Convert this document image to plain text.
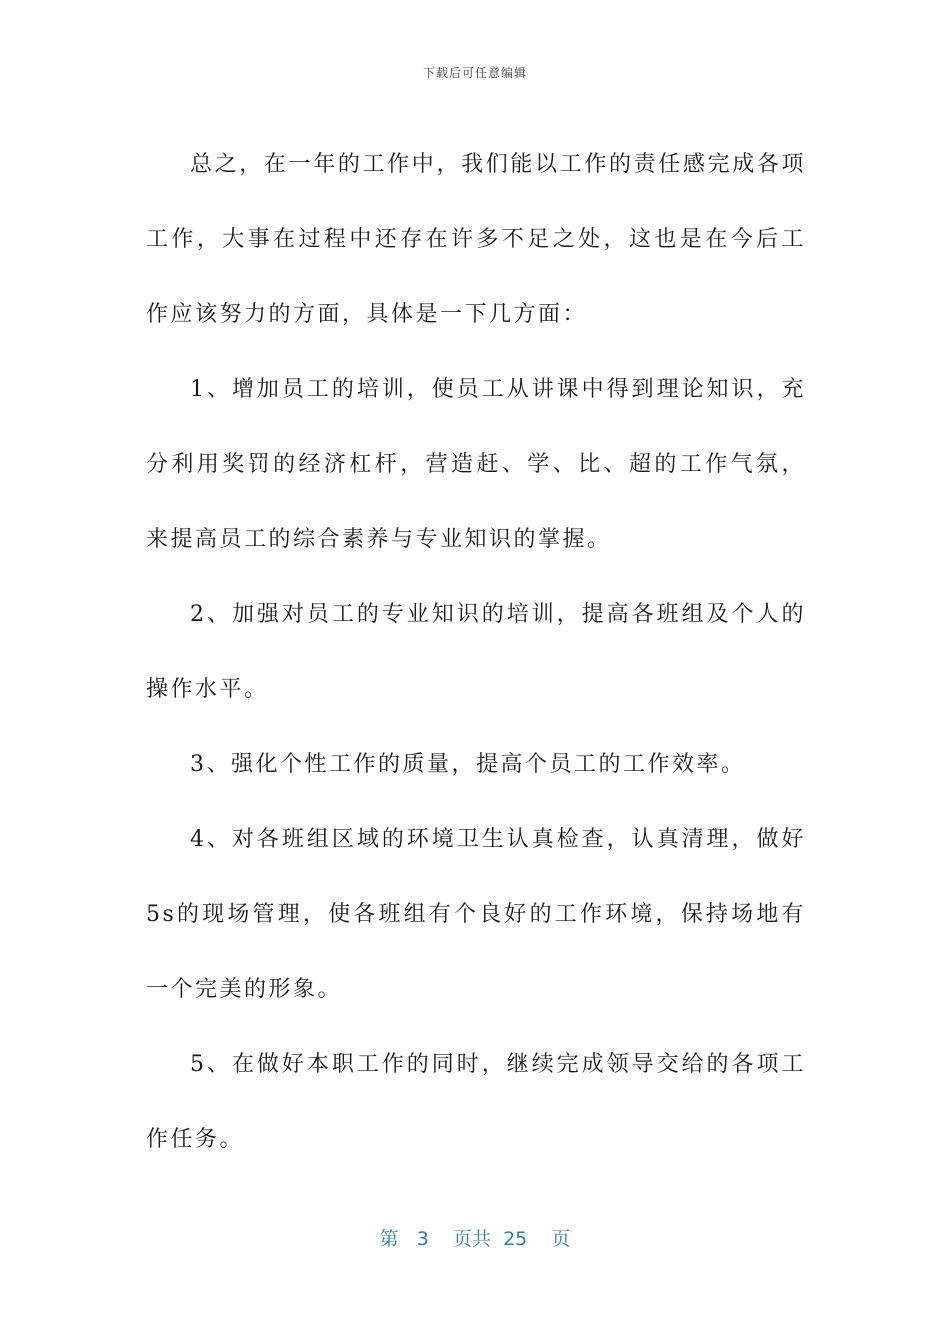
下载后可任意编辑

总之，在一年的工作中，我们能以工作的责任感完成各项工作，大事在过程中还存在许多不足之处，这也是在今后工作应该努力的方面，具体是一下几方面：

1、增加员工的培训，使员工从讲课中得到理论知识，充分利用奖罚的经济杠杆，营造赶、学、比、超的工作气氛，来提高员工的综合素养与专业知识的掌握。

2、加强对员工的专业知识的培训，提高各班组及个人的操作水平。

3、强化个性工作的质量，提高个员工的工作效率。

4、对各班组区域的环境卫生认真检查，认真清理，做好5s的现场管理，使各班组有个良好的工作环境，保持场地有一个完美的形象。

5、在做好本职工作的同时，继续完成领导交给的各项工作任务。

第 3 页共 25 页
